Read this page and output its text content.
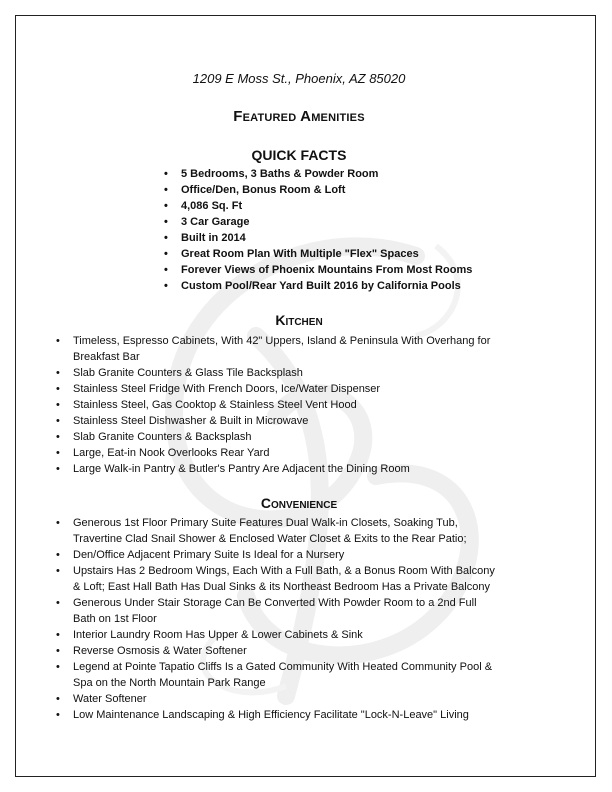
1209 E Moss St., Phoenix, AZ 85020
Featured Amenities
QUICK FACTS
• 5 Bedrooms, 3 Baths & Powder Room
• Office/Den, Bonus Room & Loft
• 4,086 Sq. Ft
• 3 Car Garage
• Built in 2014
• Great Room Plan With Multiple "Flex" Spaces
• Forever Views of Phoenix Mountains From Most Rooms
• Custom Pool/Rear Yard Built 2016 by California Pools
Kitchen
• Timeless, Espresso Cabinets, With 42" Uppers, Island & Peninsula With Overhang for Breakfast Bar
• Slab Granite Counters & Glass Tile Backsplash
• Stainless Steel Fridge With French Doors, Ice/Water Dispenser
• Stainless Steel, Gas Cooktop & Stainless Steel Vent Hood
• Stainless Steel Dishwasher & Built in Microwave
• Slab Granite Counters & Backsplash
• Large, Eat-in Nook Overlooks Rear Yard
• Large Walk-in Pantry & Butler's Pantry Are Adjacent the Dining Room
Convenience
• Generous 1st Floor Primary Suite Features Dual Walk-in Closets, Soaking Tub, Travertine Clad Snail Shower & Enclosed Water Closet & Exits to the Rear Patio;
• Den/Office Adjacent Primary Suite Is Ideal for a Nursery
• Upstairs Has 2 Bedroom Wings, Each With a Full Bath, & a Bonus Room With Balcony & Loft; East Hall Bath Has Dual Sinks & its Northeast Bedroom Has a Private Balcony
• Generous Under Stair Storage Can Be Converted With Powder Room to a 2nd Full Bath on 1st Floor
• Interior Laundry Room Has Upper & Lower Cabinets & Sink
• Reverse Osmosis & Water Softener
• Legend at Pointe Tapatio Cliffs Is a Gated Community With Heated Community Pool & Spa on the North Mountain Park Range
• Water Softener
• Low Maintenance Landscaping & High Efficiency Facilitate "Lock-N-Leave" Living
